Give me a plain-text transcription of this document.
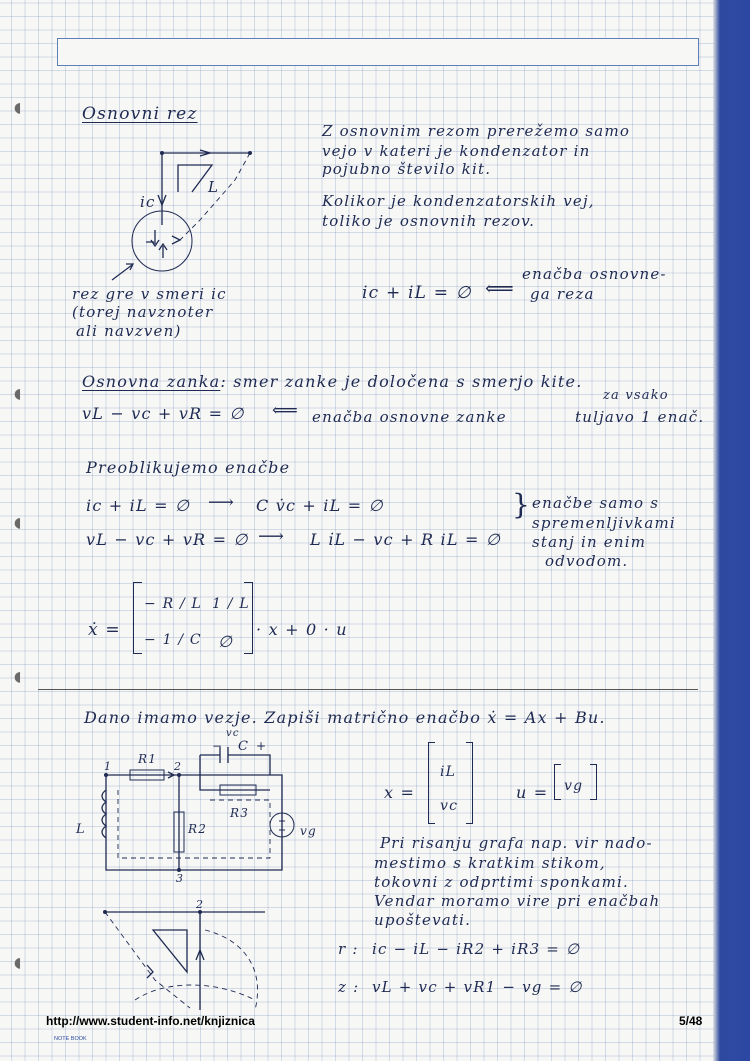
◖
◖
◖
◖
◖
Osnovni rez
Z osnovnim rezom prerežemo samo
vejo v kateri je kondenzator in
pojubno število kit.
Kolikor je kondenzatorskih vej,
toliko je osnovnih rezov.
ic
L
rez gre v smeri ic
(torej navznoter
ali navzven)
ic + iL = ∅ ⟸
enačba osnovne-
ga reza
Osnovna zanka: smer zanke je določena s smerjo kite.
vL − vc + vR = ∅ ⟸ enačba osnovne zanke
za vsako
tuljavo 1 enač.
Preoblikujemo enačbe
ic + iL = ∅ ⟶ C v̇c + iL = ∅
vL − vc + vR = ∅ ⟶ L i̇L − vc + R iL = ∅
} enačbe samo s
spremenljivkami
stanj in enim
odvodom.
ẋ =
− R / L 1 / L
− 1 / C ∅
· x + 0 · u
Dano imamo vezje. Zapiši matrično enačbo ẋ = Ax + Bu.
1	2
3
R1
R2
R3
C
vc
+
−
L	vg
x =
iL
vc
u = vg
Pri risanju grafa nap. vir nado-
mestimo s kratkim stikom,
tokovni z odprtimi sponkami.
Vendar moramo vire pri enačbah
upoštevati.
2
r : ic − iL − iR2 + iR3 = ∅
z : vL + vc + vR1 − vg = ∅
http://www.student-info.net/knjiznica	5/48
NOTE BOOK
